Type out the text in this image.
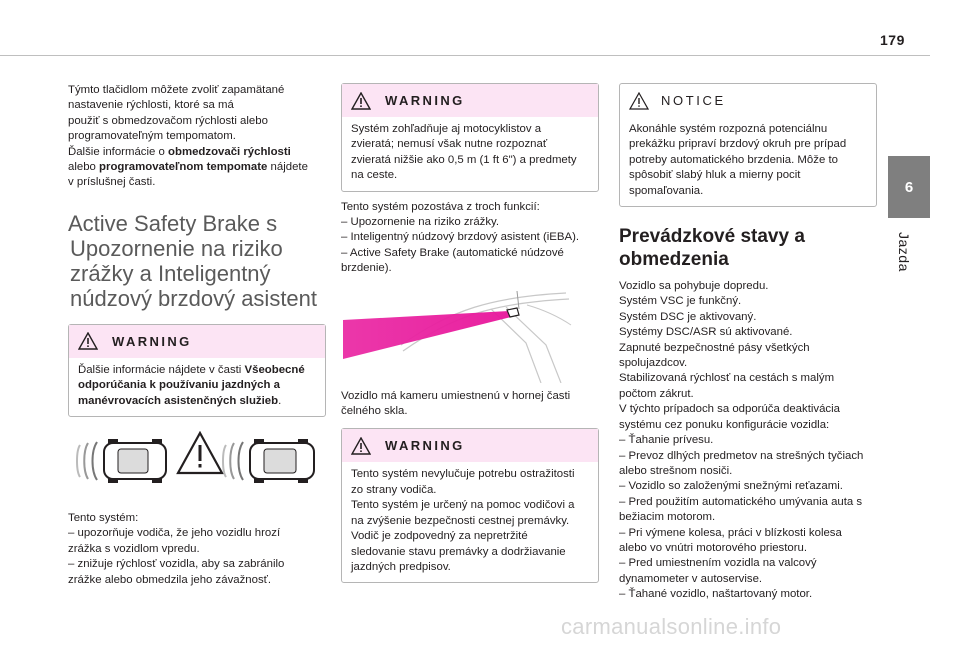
179
6
Jazda

Týmto tlačidlom môžete zvoliť zapamätané

nastavenie rýchlosti, ktoré sa má

použiť s obmedzovačom rýchlosti alebo

programovateľným tempomatom.

Ďalšie informácie o obmedzovači rýchlosti

alebo programovateľnom tempomate nájdete

v príslušnej časti.

Active Safety Brake s

Upozornenie na riziko

zrážky a Inteligentný

núdzový brzdový asistent

WARNING

Ďalšie informácie nájdete v časti Všeobecné

odporúčania k používaniu jazdných a

manévrovacích asistenčných služieb.

Tento systém:

– upozorňuje vodiča, že jeho vozidlu hrozí

zrážka s vozidlom vpredu.

– znižuje rýchlosť vozidla, aby sa zabránilo

zrážke alebo obmedzila jeho závažnosť.

WARNING

Systém zohľadňuje aj motocyklistov a

zvieratá; nemusí však nutne rozpoznať

zvieratá nižšie ako 0,5 m (1 ft 6") a predmety

na ceste.

Tento systém pozostáva z troch funkcií:

– Upozornenie na riziko zrážky.

– Inteligentný núdzový brzdový asistent (iEBA).

– Active Safety Brake (automatické núdzové

brzdenie).

Vozidlo má kameru umiestnenú v hornej časti

čelného skla.

WARNING

Tento systém nevylučuje potrebu ostražitosti

zo strany vodiča.

Tento systém je určený na pomoc vodičovi a

na zvýšenie bezpečnosti cestnej premávky.

Vodič je zodpovedný za nepretržité

sledovanie stavu premávky a dodržiavanie

jazdných predpisov.

NOTICE

Akonáhle systém rozpozná potenciálnu

prekážku pripraví brzdový okruh pre prípad

potreby automatického brzdenia. Môže to

spôsobiť slabý hluk a mierny pocit

spomaľovania.

Prevádzkové stavy a

obmedzenia

Vozidlo sa pohybuje dopredu.

Systém VSC je funkčný.

Systém DSC je aktivovaný.

Systémy DSC/ASR sú aktivované.

Zapnuté bezpečnostné pásy všetkých

spolujazdcov.

Stabilizovaná rýchlosť na cestách s malým

počtom zákrut.

V týchto prípadoch sa odporúča deaktivácia

systému cez ponuku konfigurácie vozidla:

– Ťahanie prívesu.

– Prevoz dlhých predmetov na strešných tyčiach

alebo strešnom nosiči.

– Vozidlo so založenými snežnými reťazami.

– Pred použitím automatického umývania auta s

bežiacim motorom.

– Pri výmene kolesa, práci v blízkosti kolesa

alebo vo vnútri motorového priestoru.

– Pred umiestnením vozidla na valcový

dynamometer v autoservise.

– Ťahané vozidlo, naštartovaný motor.

carmanualsonline.info
